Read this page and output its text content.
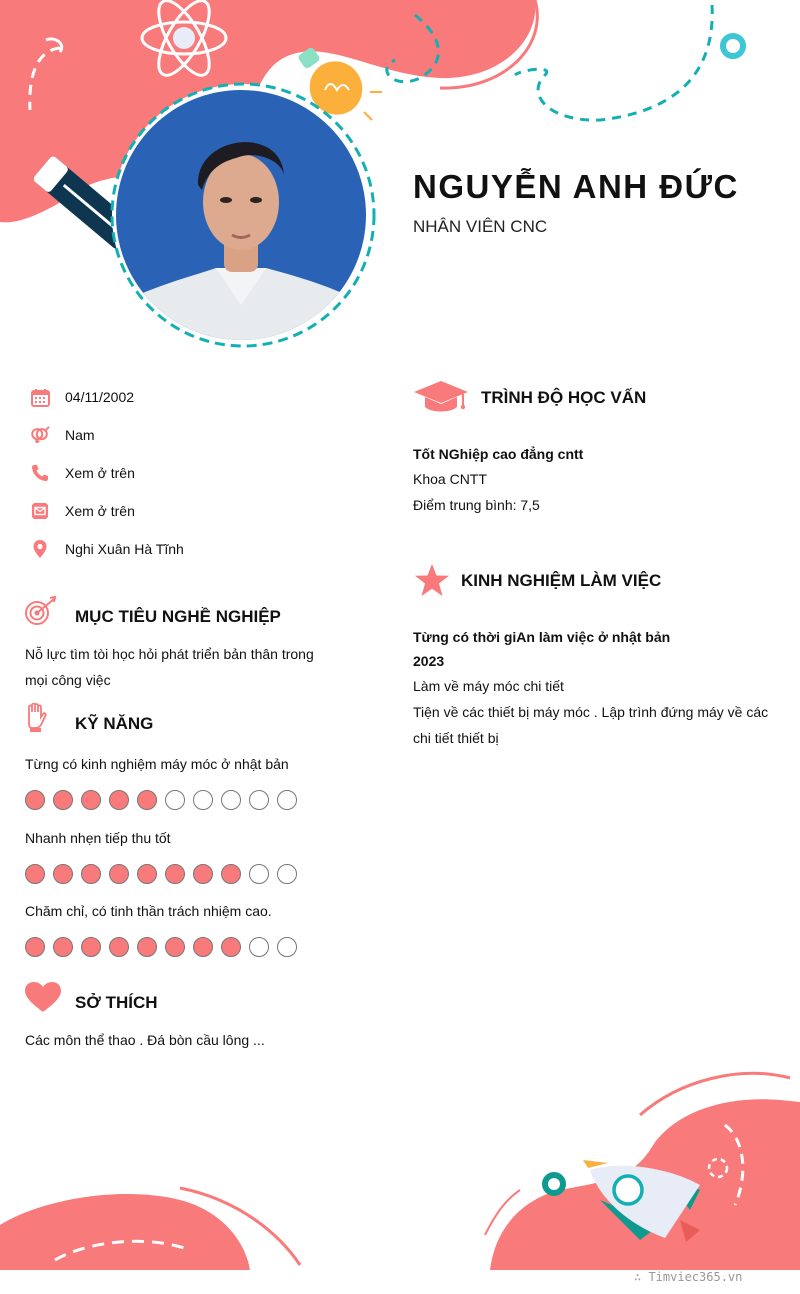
NGUYỄN ANH ĐỨC
NHÂN VIÊN CNC
04/11/2002
Nam
Xem ở trên
Xem ở trên
Nghi Xuân Hà Tĩnh
MỤC TIÊU NGHỀ NGHIỆP
Nỗ lực tìm tòi học hỏi phát triển bản thân trong
mọi công việc
KỸ NĂNG
Từng có kinh nghiệm máy móc ở nhật bản
Nhanh nhẹn tiếp thu tốt
Chăm chỉ, có tinh thần trách nhiệm cao.
SỞ THÍCH
Các môn thể thao . Đá bòn cầu lông ...
TRÌNH ĐỘ HỌC VẤN
Tốt NGhiệp cao đẳng cntt
Khoa CNTT
Điểm trung bình: 7,5
KINH NGHIỆM LÀM VIỆC
Từng có thời giAn làm việc ở nhật bản
2023
Làm về máy móc chi tiết
Tiện về các thiết bị máy móc . Lập trình đứng máy về các
chi tiết thiết bị
∴ Timviec365.vn
